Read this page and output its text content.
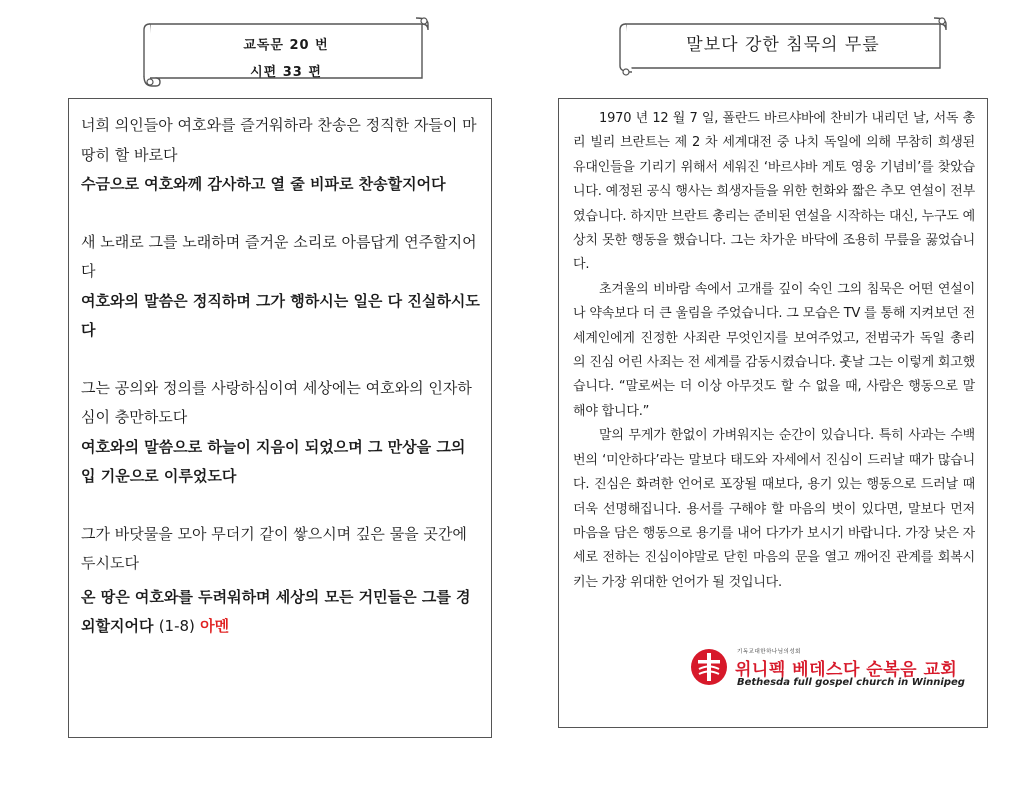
교독문 20 번
시편 33 편
말보다 강한 침묵의 무릎
너희 의인들아 여호와를 즐거워하라 찬송은 정직한 자들이 마땅히 할 바로다
수금으로 여호와께 감사하고 열 줄 비파로 찬송할지어다
새 노래로 그를 노래하며 즐거운 소리로 아름답게 연주할지어다
여호와의 말씀은 정직하며 그가 행하시는 일은 다 진실하시도다
그는 공의와 정의를 사랑하심이여 세상에는 여호와의 인자하심이 충만하도다
여호와의 말씀으로 하늘이 지음이 되었으며 그 만상을 그의 입 기운으로 이루었도다
그가 바닷물을 모아 무더기 같이 쌓으시며 깊은 물을 곳간에 두시도다
온 땅은 여호와를 두려워하며 세상의 모든 거민들은 그를 경외할지어다 (1-8) 아멘

1970 년 12 월 7 일, 폴란드 바르샤바에 찬비가 내리던 날, 서독 총리 빌리 브란트는 제 2 차 세계대전 중 나치 독일에 의해 무참히 희생된 유대인들을 기리기 위해서 세워진 ‘바르샤바 게토 영웅 기념비’를 찾았습니다. 예정된 공식 행사는 희생자들을 위한 헌화와 짧은 추모 연설이 전부였습니다. 하지만 브란트 총리는 준비된 연설을 시작하는 대신, 누구도 예상치 못한 행동을 했습니다. 그는 차가운 바닥에 조용히 무릎을 꿇었습니다.

초겨울의 비바람 속에서 고개를 깊이 숙인 그의 침묵은 어떤 연설이나 약속보다 더 큰 울림을 주었습니다. 그 모습은 TV 를 통해 지켜보던 전 세계인에게 진정한 사죄란 무엇인지를 보여주었고, 전범국가 독일 총리의 진심 어린 사죄는 전 세계를 감동시켰습니다. 훗날 그는 이렇게 회고했습니다. “말로써는 더 이상 아무것도 할 수 없을 때, 사람은 행동으로 말해야 합니다.”

말의 무게가 한없이 가벼워지는 순간이 있습니다. 특히 사과는 수백 번의 ‘미안하다’라는 말보다 태도와 자세에서 진심이 드러날 때가 많습니다. 진심은 화려한 언어로 포장될 때보다, 용기 있는 행동으로 드러날 때 더욱 선명해집니다. 용서를 구해야 할 마음의 벗이 있다면, 말보다 먼저 마음을 담은 행동으로 용기를 내어 다가가 보시기 바랍니다. 가장 낮은 자세로 전하는 진심이야말로 닫힌 마음의 문을 열고 깨어진 관계를 회복시키는 가장 위대한 언어가 될 것입니다.

기독교대한하나님의성회
위니펙 베데스다 순복음 교회
Bethesda full gospel church in Winnipeg
